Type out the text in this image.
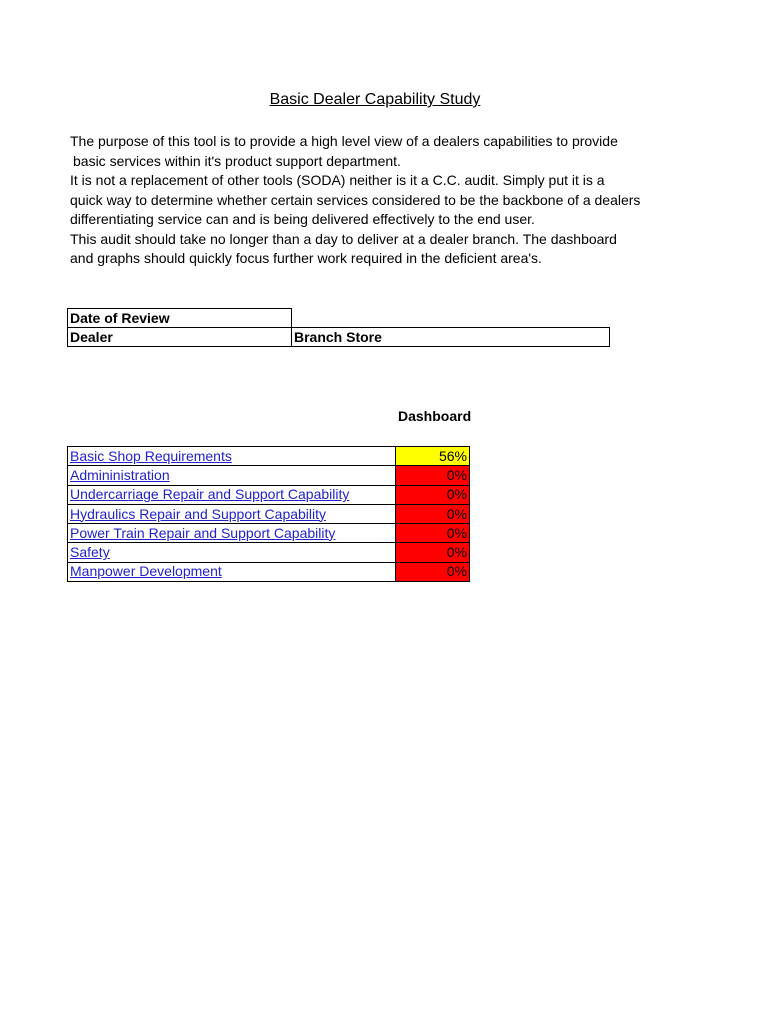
Basic Dealer Capability Study

The purpose of this tool is to provide a high level view of a dealers capabilities to provide

basic services within it's product support department.

It is not a replacement of other tools (SODA) neither is it a C.C. audit. Simply put it is a

quick way to determine whether certain services considered to be the backbone of a dealers

differentiating service can and is being delivered effectively to the end user.

This audit should take no longer than a day to deliver at a dealer branch. The dashboard

and graphs should quickly focus further work required in the deficient area's.

Date of Review	
Dealer	Branch Store
Dashboard
Basic Shop Requirements	56%
Admininistration	0%
Undercarriage Repair and Support Capability	0%
Hydraulics Repair and Support Capability	0%
Power Train Repair and Support Capability	0%
Safety	0%
Manpower Development	0%
